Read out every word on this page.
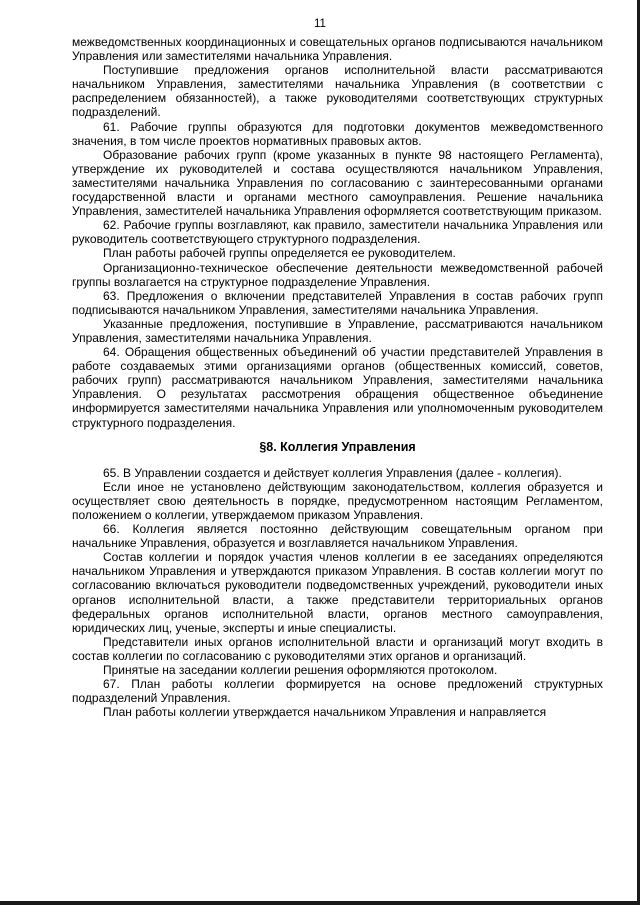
11

межведомственных координационных и совещательных органов подписываются начальником Управления или заместителями начальника Управления.

Поступившие предложения органов исполнительной власти рассматриваются начальником Управления, заместителями начальника Управления (в соответствии с распределением обязанностей), а также руководителями соответствующих структурных подразделений.

61. Рабочие группы образуются для подготовки документов межведомственного значения, в том числе проектов нормативных правовых актов.

Образование рабочих групп (кроме указанных в пункте 98 настоящего Регламента), утверждение их руководителей и состава осуществляются начальником Управления, заместителями начальника Управления по согласованию с заинтересованными органами государственной власти и органами местного самоуправления. Решение начальника Управления, заместителей начальника Управления оформляется соответствующим приказом.

62. Рабочие группы возглавляют, как правило, заместители начальника Управления или руководитель соответствующего структурного подразделения.

План работы рабочей группы определяется ее руководителем.

Организационно-техническое обеспечение деятельности межведомственной рабочей группы возлагается на структурное подразделение Управления.

63. Предложения о включении представителей Управления в состав рабочих групп подписываются начальником Управления, заместителями начальника Управления.

Указанные предложения, поступившие в Управление, рассматриваются начальником Управления, заместителями начальника Управления.

64. Обращения общественных объединений об участии представителей Управления в работе создаваемых этими организациями органов (общественных комиссий, советов, рабочих групп) рассматриваются начальником Управления, заместителями начальника Управления. О результатах рассмотрения обращения общественное объединение информируется заместителями начальника Управления или уполномоченным руководителем структурного подразделения.

§8. Коллегия Управления

65. В Управлении создается и действует коллегия Управления (далее - коллегия).

Если иное не установлено действующим законодательством, коллегия образуется и осуществляет свою деятельность в порядке, предусмотренном настоящим Регламентом, положением о коллегии, утверждаемом приказом Управления.

66. Коллегия является постоянно действующим совещательным органом при начальнике Управления, образуется и возглавляется начальником Управления.

Состав коллегии и порядок участия членов коллегии в ее заседаниях определяются начальником Управления и утверждаются приказом Управления. В состав коллегии могут по согласованию включаться руководители подведомственных учреждений, руководители иных органов исполнительной власти, а также представители территориальных органов федеральных органов исполнительной власти, органов местного самоуправления, юридических лиц, ученые, эксперты и иные специалисты.

Представители иных органов исполнительной власти и организаций могут входить в состав коллегии по согласованию с руководителями этих органов и организаций.

Принятые на заседании коллегии решения оформляются протоколом.

67. План работы коллегии формируется на основе предложений структурных подразделений Управления.

План работы коллегии утверждается начальником Управления и направляется
